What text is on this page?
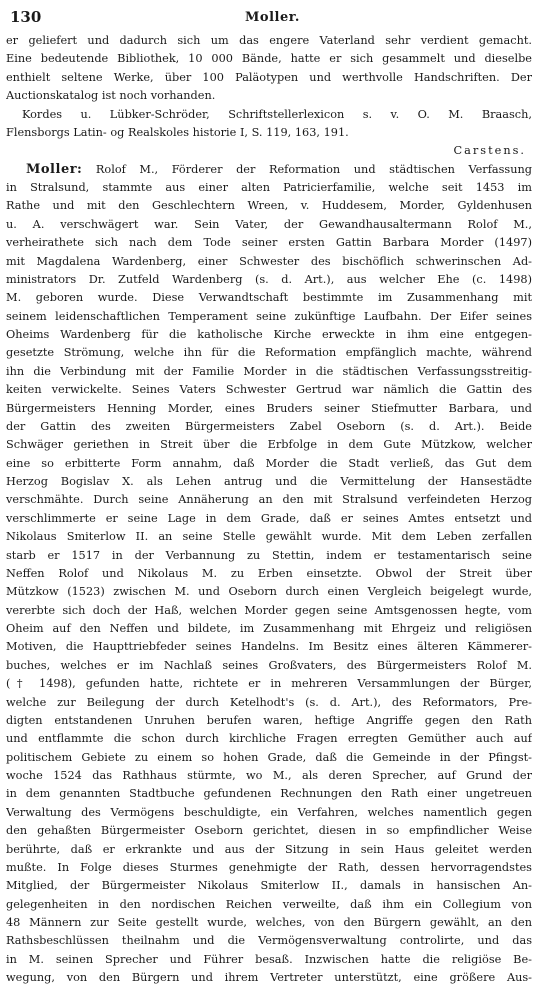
130	Moller.
er geliefert und dadurch sich um das engere Vaterland sehr verdient gemacht.
Eine bedeutende Bibliothek, 10 000 Bände, hatte er sich gesammelt und dieselbe
enthielt seltene Werke, über 100 Paläotypen und werthvolle Handschriften. Der
Auctionskatalog ist noch vorhanden.
Kordes u. Lübker-Schröder, Schriftstellerlexicon s. v. O. M. Braasch,
Flensborgs Latin- og Realskoles historie I, S. 119, 163, 191.
Carstens.
Moller: Rolof M., Förderer der Reformation und städtischen Verfassung
in Stralsund, stammte aus einer alten Patricierfamilie, welche seit 1453 im
Rathe und mit den Geschlechtern Wreen, v. Huddesem, Morder, Gyldenhusen
u. A. verschwägert war. Sein Vater, der Gewandhausaltermann Rolof M.,
verheirathete sich nach dem Tode seiner ersten Gattin Barbara Morder (1497)
mit Magdalena Wardenberg, einer Schwester des bischöflich schwerinschen Ad-
ministrators Dr. Zutfeld Wardenberg (s. d. Art.), aus welcher Ehe (c. 1498)
M. geboren wurde. Diese Verwandtschaft bestimmte im Zusammenhang mit
seinem leidenschaftlichen Temperament seine zukünftige Laufbahn. Der Eifer seines
Oheims Wardenberg für die katholische Kirche erweckte in ihm eine entgegen-
gesetzte Strömung, welche ihn für die Reformation empfänglich machte, während
ihn die Verbindung mit der Familie Morder in die städtischen Verfassungsstreitig-
keiten verwickelte. Seines Vaters Schwester Gertrud war nämlich die Gattin des
Bürgermeisters Henning Morder, eines Bruders seiner Stiefmutter Barbara, und
der Gattin des zweiten Bürgermeisters Zabel Oseborn (s. d. Art.). Beide
Schwäger geriethen in Streit über die Erbfolge in dem Gute Mützkow, welcher
eine so erbitterte Form annahm, daß Morder die Stadt verließ, das Gut dem
Herzog Bogislav X. als Lehen antrug und die Vermittelung der Hansestädte
verschmähte. Durch seine Annäherung an den mit Stralsund verfeindeten Herzog
verschlimmerte er seine Lage in dem Grade, daß er seines Amtes entsetzt und
Nikolaus Smiterlow II. an seine Stelle gewählt wurde. Mit dem Leben zerfallen
starb er 1517 in der Verbannung zu Stettin, indem er testamentarisch seine
Neffen Rolof und Nikolaus M. zu Erben einsetzte. Obwol der Streit über
Mützkow (1523) zwischen M. und Oseborn durch einen Vergleich beigelegt wurde,
vererbte sich doch der Haß, welchen Morder gegen seine Amtsgenossen hegte, vom
Oheim auf den Neffen und bildete, im Zusammenhang mit Ehrgeiz und religiösen
Motiven, die Haupttriebfeder seines Handelns. Im Besitz eines älteren Kämmerer-
buches, welches er im Nachlaß seines Großvaters, des Bürgermeisters Rolof M.
(† 1498), gefunden hatte, richtete er in mehreren Versammlungen der Bürger,
welche zur Beilegung der durch Ketelhodt's (s. d. Art.), des Reformators, Pre-
digten entstandenen Unruhen berufen waren, heftige Angriffe gegen den Rath
und entflammte die schon durch kirchliche Fragen erregten Gemüther auch auf
politischem Gebiete zu einem so hohen Grade, daß die Gemeinde in der Pfingst-
woche 1524 das Rathhaus stürmte, wo M., als deren Sprecher, auf Grund der
in dem genannten Stadtbuche gefundenen Rechnungen den Rath einer ungetreuen
Verwaltung des Vermögens beschuldigte, ein Verfahren, welches namentlich gegen
den gehaßten Bürgermeister Oseborn gerichtet, diesen in so empfindlicher Weise
berührte, daß er erkrankte und aus der Sitzung in sein Haus geleitet werden
mußte. In Folge dieses Sturmes genehmigte der Rath, dessen hervorragendstes
Mitglied, der Bürgermeister Nikolaus Smiterlow II., damals in hansischen An-
gelegenheiten in den nordischen Reichen verweilte, daß ihm ein Collegium von
48 Männern zur Seite gestellt wurde, welches, von den Bürgern gewählt, an den
Rathsbeschlüssen theilnahm und die Vermögensverwaltung controlirte, und das
in M. seinen Sprecher und Führer besaß. Inzwischen hatte die religiöse Be-
wegung, von den Bürgern und ihrem Vertreter unterstützt, eine größere Aus-
